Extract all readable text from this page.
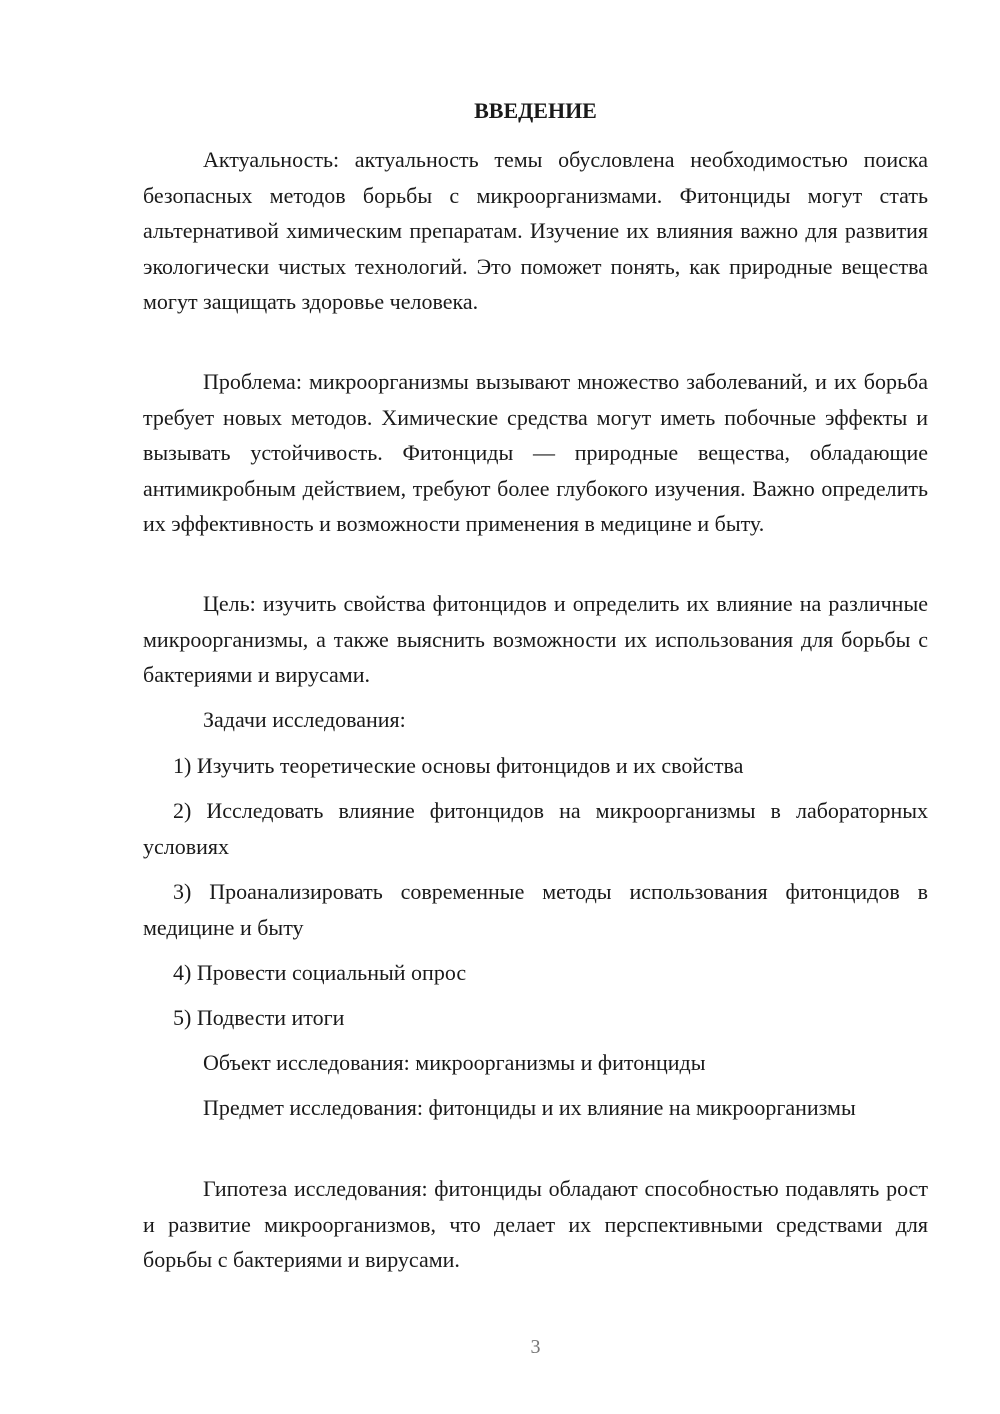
ВВЕДЕНИЕ

Актуальность: актуальность темы обусловлена необходимостью поиска безопасных методов борьбы с микроорганизмами. Фитонциды могут стать альтернативой химическим препаратам. Изучение их влияния важно для развития экологически чистых технологий. Это поможет понять, как природные вещества могут защищать здоровье человека.

Проблема: микроорганизмы вызывают множество заболеваний, и их борьба требует новых методов. Химические средства могут иметь побочные эффекты и вызывать устойчивость. Фитонциды — природные вещества, обладающие антимикробным действием, требуют более глубокого изучения. Важно определить их эффективность и возможности применения в медицине и быту.

Цель: изучить свойства фитонцидов и определить их влияние на различные микроорганизмы, а также выяснить возможности их использования для борьбы с бактериями и вирусами.

Задачи исследования:

1) Изучить теоретические основы фитонцидов и их свойства

2) Исследовать влияние фитонцидов на микроорганизмы в лабораторных условиях

3) Проанализировать современные методы использования фитонцидов в медицине и быту

4) Провести социальный опрос

5) Подвести итоги

Объект исследования: микроорганизмы и фитонциды

Предмет исследования: фитонциды и их влияние на микроорганизмы

Гипотеза исследования: фитонциды обладают способностью подавлять рост и развитие микроорганизмов, что делает их перспективными средствами для борьбы с бактериями и вирусами.

3
